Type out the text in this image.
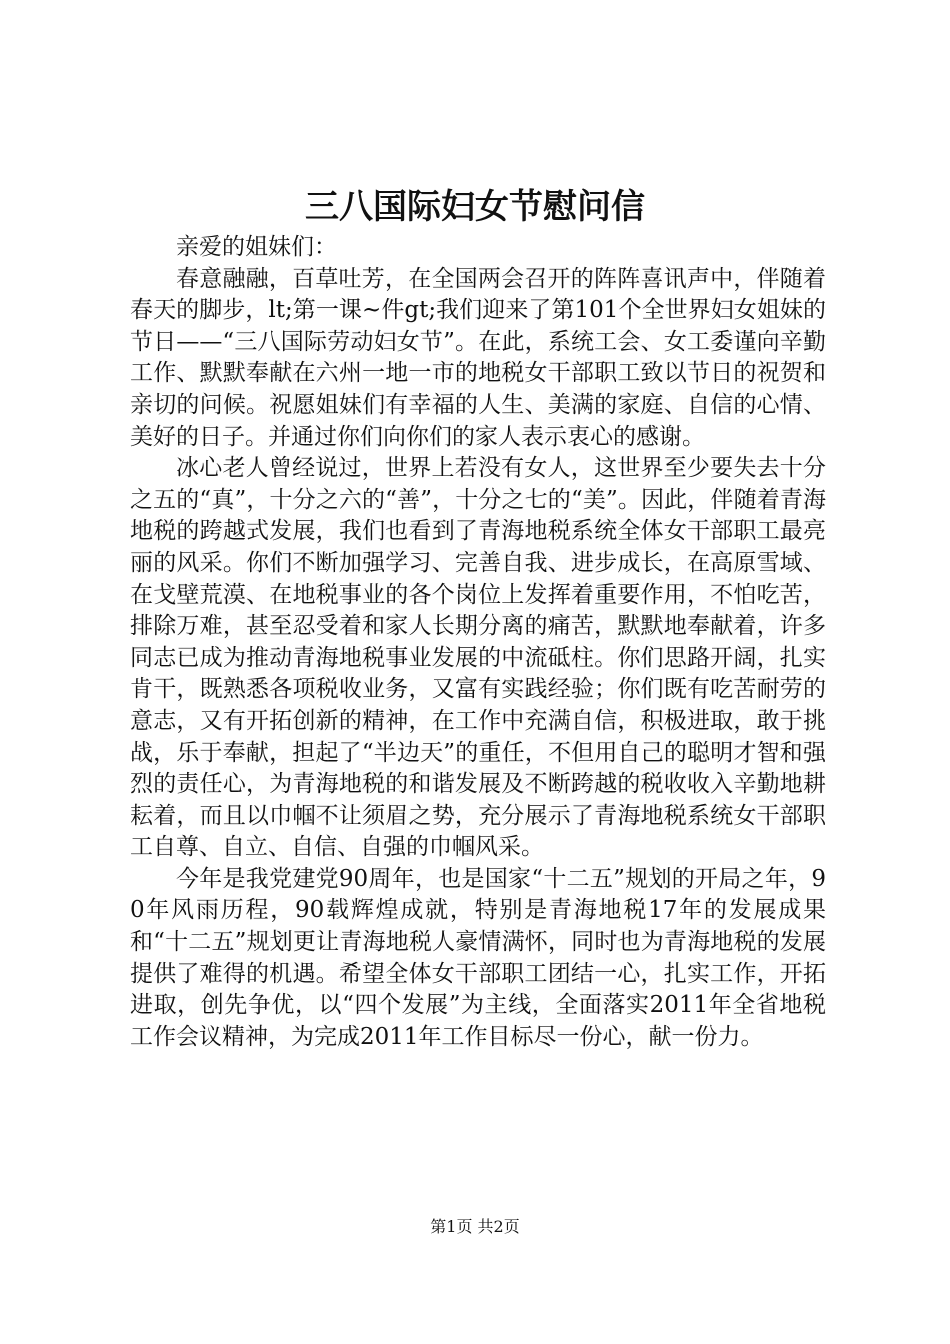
三八国际妇女节慰问信

亲爱的姐妹们：

春意融融，百草吐芳，在全国两会召开的阵阵喜讯声中，伴随着春天的脚步，lt;第一课~件gt;我们迎来了第101个全世界妇女姐妹的节日——“三八国际劳动妇女节”。在此，系统工会、女工委谨向辛勤工作、默默奉献在六州一地一市的地税女干部职工致以节日的祝贺和亲切的问候。祝愿姐妹们有幸福的人生、美满的家庭、自信的心情、美好的日子。并通过你们向你们的家人表示衷心的感谢。

冰心老人曾经说过，世界上若没有女人，这世界至少要失去十分之五的“真”，十分之六的“善”，十分之七的“美”。因此，伴随着青海地税的跨越式发展，我们也看到了青海地税系统全体女干部职工最亮丽的风采。你们不断加强学习、完善自我、进步成长，在高原雪域、在戈壁荒漠、在地税事业的各个岗位上发挥着重要作用，不怕吃苦，排除万难，甚至忍受着和家人长期分离的痛苦，默默地奉献着，许多同志已成为推动青海地税事业发展的中流砥柱。你们思路开阔，扎实肯干，既熟悉各项税收业务，又富有实践经验；你们既有吃苦耐劳的意志，又有开拓创新的精神，在工作中充满自信，积极进取，敢于挑战，乐于奉献，担起了“半边天”的重任，不但用自己的聪明才智和强烈的责任心，为青海地税的和谐发展及不断跨越的税收收入辛勤地耕耘着，而且以巾帼不让须眉之势，充分展示了青海地税系统女干部职工自尊、自立、自信、自强的巾帼风采。

今年是我党建党90周年，也是国家“十二五”规划的开局之年，90年风雨历程，90载辉煌成就，特别是青海地税17年的发展成果和“十二五”规划更让青海地税人豪情满怀，同时也为青海地税的发展提供了难得的机遇。希望全体女干部职工团结一心，扎实工作，开拓进取，创先争优，以“四个发展”为主线，全面落实2011年全省地税工作会议精神，为完成2011年工作目标尽一份心，献一份力。

第1页 共2页
